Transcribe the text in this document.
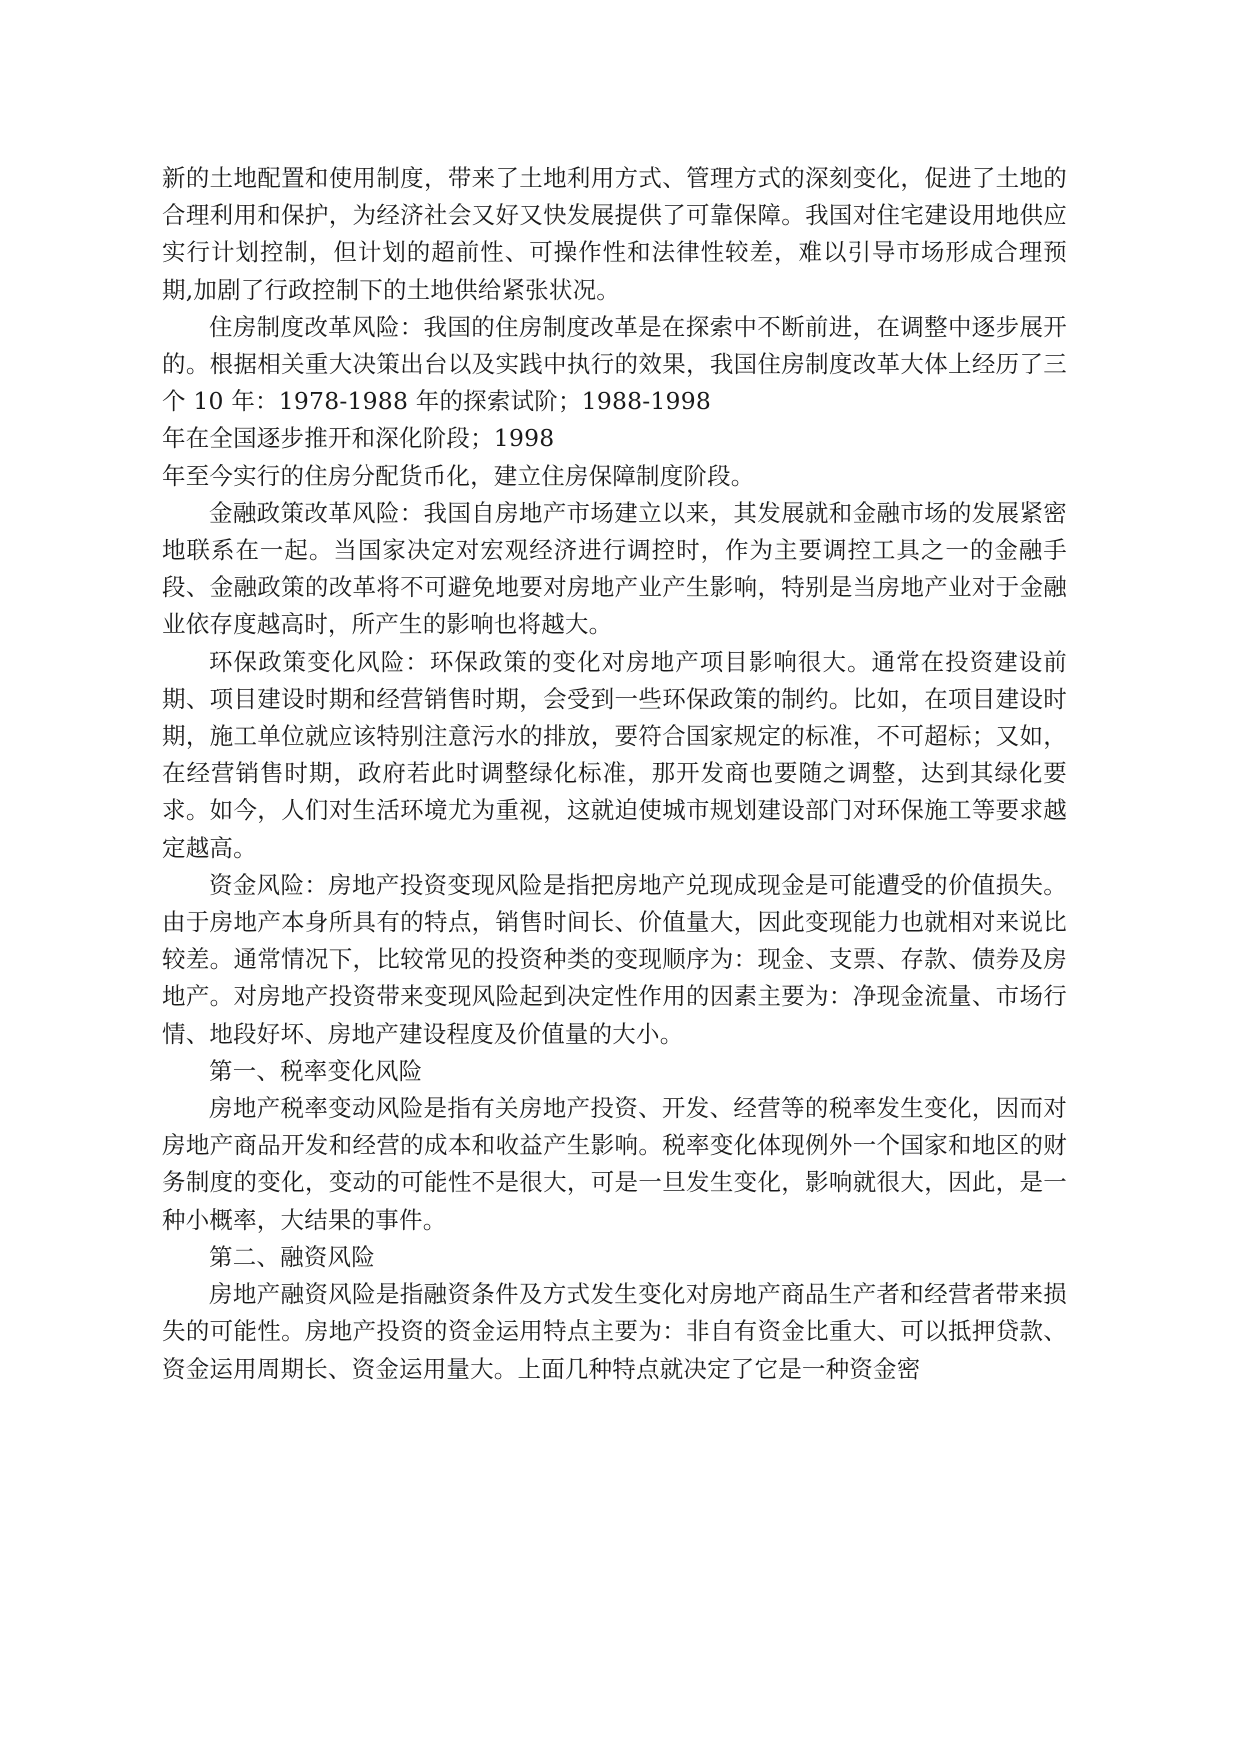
新的土地配置和使用制度，带来了土地利用方式、管理方式的深刻变化，促进了土地的合理利用和保护，为经济社会又好又快发展提供了可靠保障。我国对住宅建设用地供应实行计划控制，但计划的超前性、可操作性和法律性较差，难以引导市场形成合理预期,加剧了行政控制下的土地供给紧张状况。

住房制度改革风险：我国的住房制度改革是在探索中不断前进，在调整中逐步展开的。根据相关重大决策出台以及实践中执行的效果，我国住房制度改革大体上经历了三个 10 年：1978-1988 年的探索试阶；1988-1998

年在全国逐步推开和深化阶段；1998

年至今实行的住房分配货币化，建立住房保障制度阶段。

金融政策改革风险：我国自房地产市场建立以来，其发展就和金融市场的发展紧密地联系在一起。当国家决定对宏观经济进行调控时，作为主要调控工具之一的金融手段、金融政策的改革将不可避免地要对房地产业产生影响，特别是当房地产业对于金融业依存度越高时，所产生的影响也将越大。

环保政策变化风险：环保政策的变化对房地产项目影响很大。通常在投资建设前期、项目建设时期和经营销售时期，会受到一些环保政策的制约。比如，在项目建设时期，施工单位就应该特别注意污水的排放，要符合国家规定的标准，不可超标；又如，在经营销售时期，政府若此时调整绿化标准，那开发商也要随之调整，达到其绿化要求。如今，人们对生活环境尤为重视，这就迫使城市规划建设部门对环保施工等要求越定越高。

资金风险：房地产投资变现风险是指把房地产兑现成现金是可能遭受的价值损失。由于房地产本身所具有的特点，销售时间长、价值量大，因此变现能力也就相对来说比较差。通常情况下，比较常见的投资种类的变现顺序为：现金、支票、存款、债券及房地产。对房地产投资带来变现风险起到决定性作用的因素主要为：净现金流量、市场行情、地段好坏、房地产建设程度及价值量的大小。

第一、税率变化风险

房地产税率变动风险是指有关房地产投资、开发、经营等的税率发生变化，因而对房地产商品开发和经营的成本和收益产生影响。税率变化体现例外一个国家和地区的财务制度的变化，变动的可能性不是很大，可是一旦发生变化，影响就很大，因此，是一种小概率，大结果的事件。

第二、融资风险

房地产融资风险是指融资条件及方式发生变化对房地产商品生产者和经营者带来损失的可能性。房地产投资的资金运用特点主要为：非自有资金比重大、可以抵押贷款、资金运用周期长、资金运用量大。上面几种特点就决定了它是一种资金密
